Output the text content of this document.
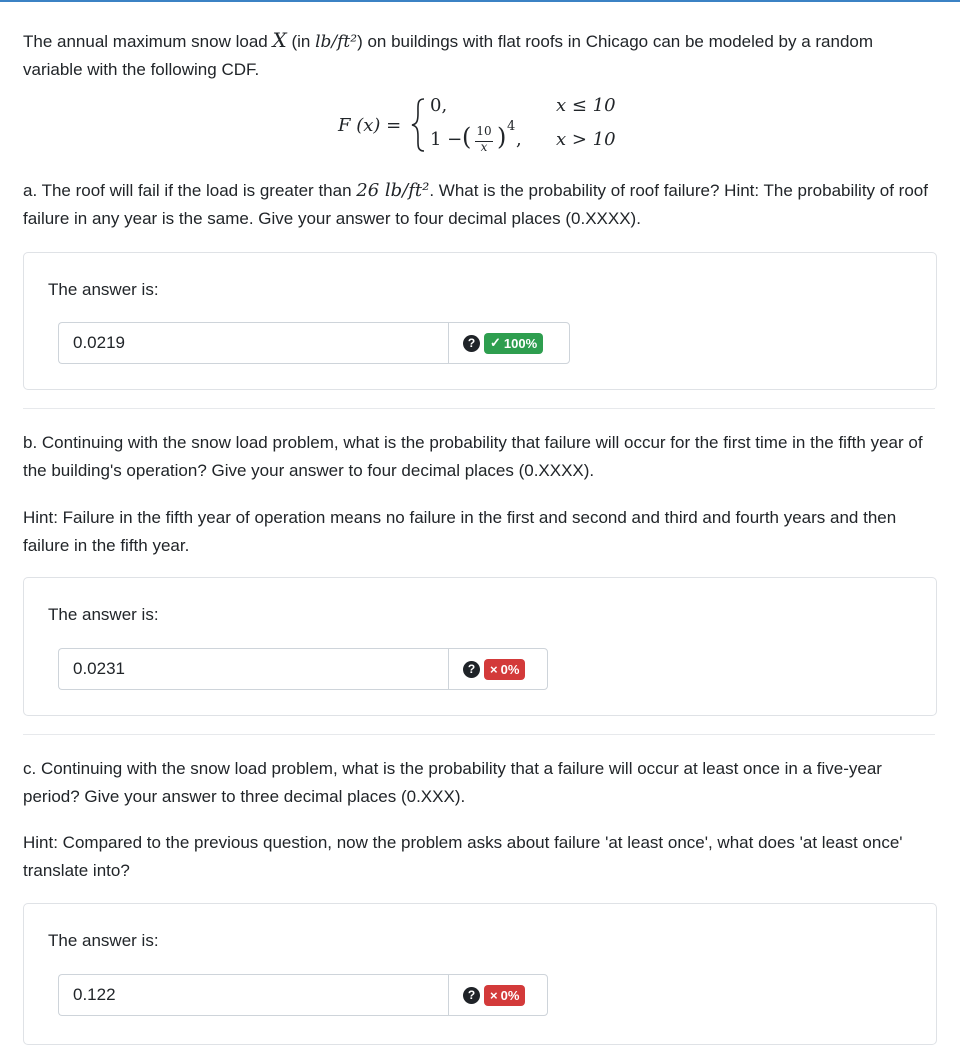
The annual maximum snow load X (in lb/ft²) on buildings with flat roofs in Chicago can be modeled by a random variable with the following CDF.
F (x) =
0,	x ≤ 10
1 − ( 10
x ) 4
, x > 10
a. The roof will fail if the load is greater than 26 lb/ft². What is the probability of roof failure? Hint: The probability of roof failure in any year is the same. Give your answer to four decimal places (0.XXXX).
The answer is:
0.0219
?	✓ 100%
b. Continuing with the snow load problem, what is the probability that failure will occur for the first time in the fifth year of the building's operation? Give your answer to four decimal places (0.XXXX).
Hint: Failure in the fifth year of operation means no failure in the first and second and third and fourth years and then failure in the fifth year.
The answer is:
0.0231
?	× 0%
c. Continuing with the snow load problem, what is the probability that a failure will occur at least once in a five-year period? Give your answer to three decimal places (0.XXX).
Hint: Compared to the previous question, now the problem asks about failure 'at least once', what does 'at least once' translate into?
The answer is:
0.122
?	× 0%
